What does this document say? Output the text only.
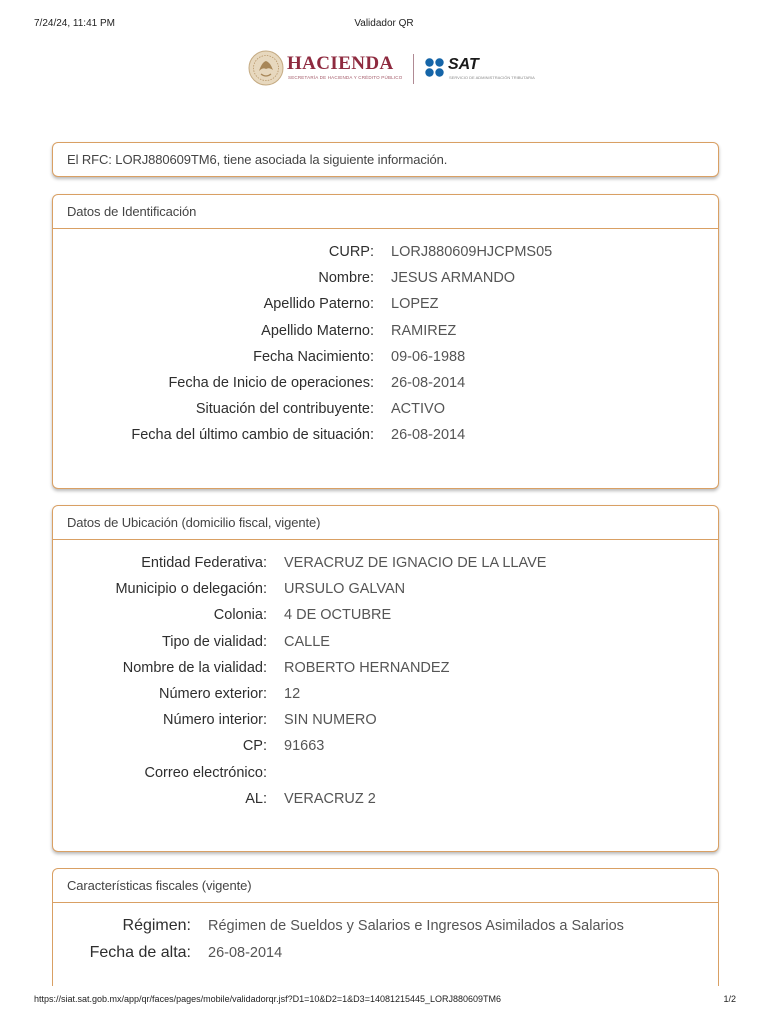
7/24/24, 11:41 PM	Validador QR
HACIENDA
SECRETARÍA DE HACIENDA Y CRÉDITO PÚBLICO
SAT
SERVICIO DE ADMINISTRACIÓN TRIBUTARIA
El RFC: LORJ880609TM6, tiene asociada la siguiente información.
Datos de Identificación
CURP: LORJ880609HJCPMS05
Nombre: JESUS ARMANDO
Apellido Paterno: LOPEZ
Apellido Materno: RAMIREZ
Fecha Nacimiento: 09-06-1988
Fecha de Inicio de operaciones: 26-08-2014
Situación del contribuyente: ACTIVO
Fecha del último cambio de situación: 26-08-2014
Datos de Ubicación (domicilio fiscal, vigente)
Entidad Federativa: VERACRUZ DE IGNACIO DE LA LLAVE
Municipio o delegación: URSULO GALVAN
Colonia: 4 DE OCTUBRE
Tipo de vialidad: CALLE
Nombre de la vialidad: ROBERTO HERNANDEZ
Número exterior: 12
Número interior: SIN NUMERO
CP: 91663
Correo electrónico:
AL: VERACRUZ 2
Características fiscales (vigente)
Régimen: Régimen de Sueldos y Salarios e Ingresos Asimilados a Salarios
Fecha de alta: 26-08-2014
https://siat.sat.gob.mx/app/qr/faces/pages/mobile/validadorqr.jsf?D1=10&D2=1&D3=14081215445_LORJ880609TM6	1/2
